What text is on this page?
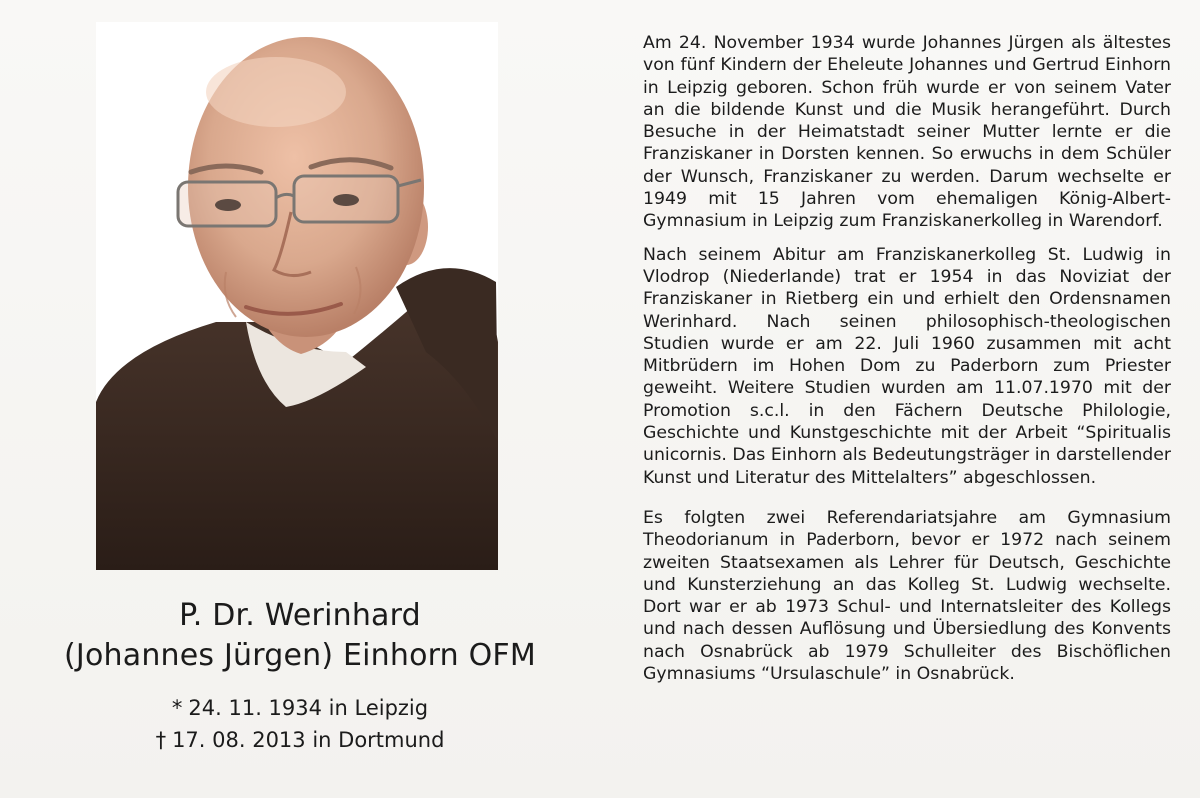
P. Dr. Werinhard
(Johannes Jürgen) Einhorn OFM
* 24. 11. 1934 in Leipzig
† 17. 08. 2013 in Dortmund

Am 24. November 1934 wurde Johannes Jürgen als ältestes von fünf Kindern der Eheleute Johannes und Gertrud Einhorn in Leipzig geboren. Schon früh wurde er von seinem Vater an die bildende Kunst und die Musik herangeführt. Durch Besuche in der Heimatstadt seiner Mutter lernte er die Franziskaner in Dorsten kennen. So erwuchs in dem Schüler der Wunsch, Franziskaner zu werden. Darum wechselte er 1949 mit 15 Jahren vom ehemaligen König-Albert-Gymnasium in Leipzig zum Franziskanerkolleg in Warendorf.

Nach seinem Abitur am Franziskanerkolleg St. Ludwig in Vlodrop (Niederlande) trat er 1954 in das Noviziat der Franziskaner in Rietberg ein und erhielt den Ordensnamen Werinhard. Nach seinen philosophisch-theologischen Studien wurde er am 22. Juli 1960 zusammen mit acht Mitbrüdern im Hohen Dom zu Paderborn zum Priester geweiht. Weitere Studien wurden am 11.07.1970 mit der Promotion s.c.l. in den Fächern Deutsche Philologie, Geschichte und Kunstgeschichte mit der Arbeit “Spiritualis unicornis. Das Einhorn als Bedeutungsträger in darstellender Kunst und Literatur des Mittelalters” abgeschlossen.

Es folgten zwei Referendariatsjahre am Gymnasium Theodorianum in Paderborn, bevor er 1972 nach seinem zweiten Staatsexamen als Lehrer für Deutsch, Geschichte und Kunsterziehung an das Kolleg St. Ludwig wechselte. Dort war er ab 1973 Schul- und Internatsleiter des Kollegs und nach dessen Auflösung und Übersiedlung des Konvents nach Osnabrück ab 1979 Schulleiter des Bischöflichen Gymnasiums “Ursulaschule” in Osnabrück.
